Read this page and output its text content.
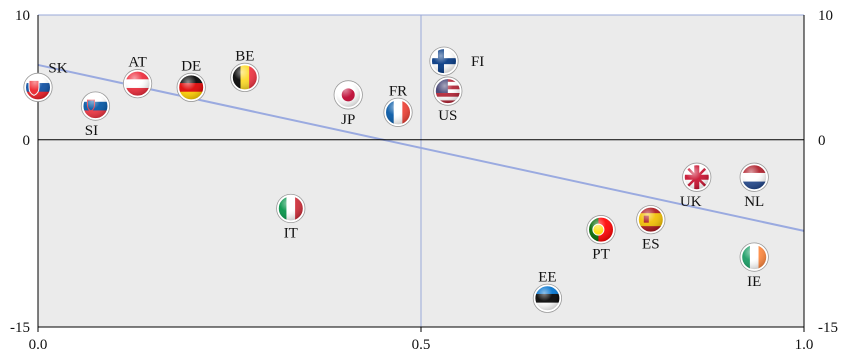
0.0	0.5	1.0
10	10
0	0
-15	-15
SK
SI
AT DE
BE
JP
FR
FI
US
IT
EE
PT
ES
UK	NL
IE
